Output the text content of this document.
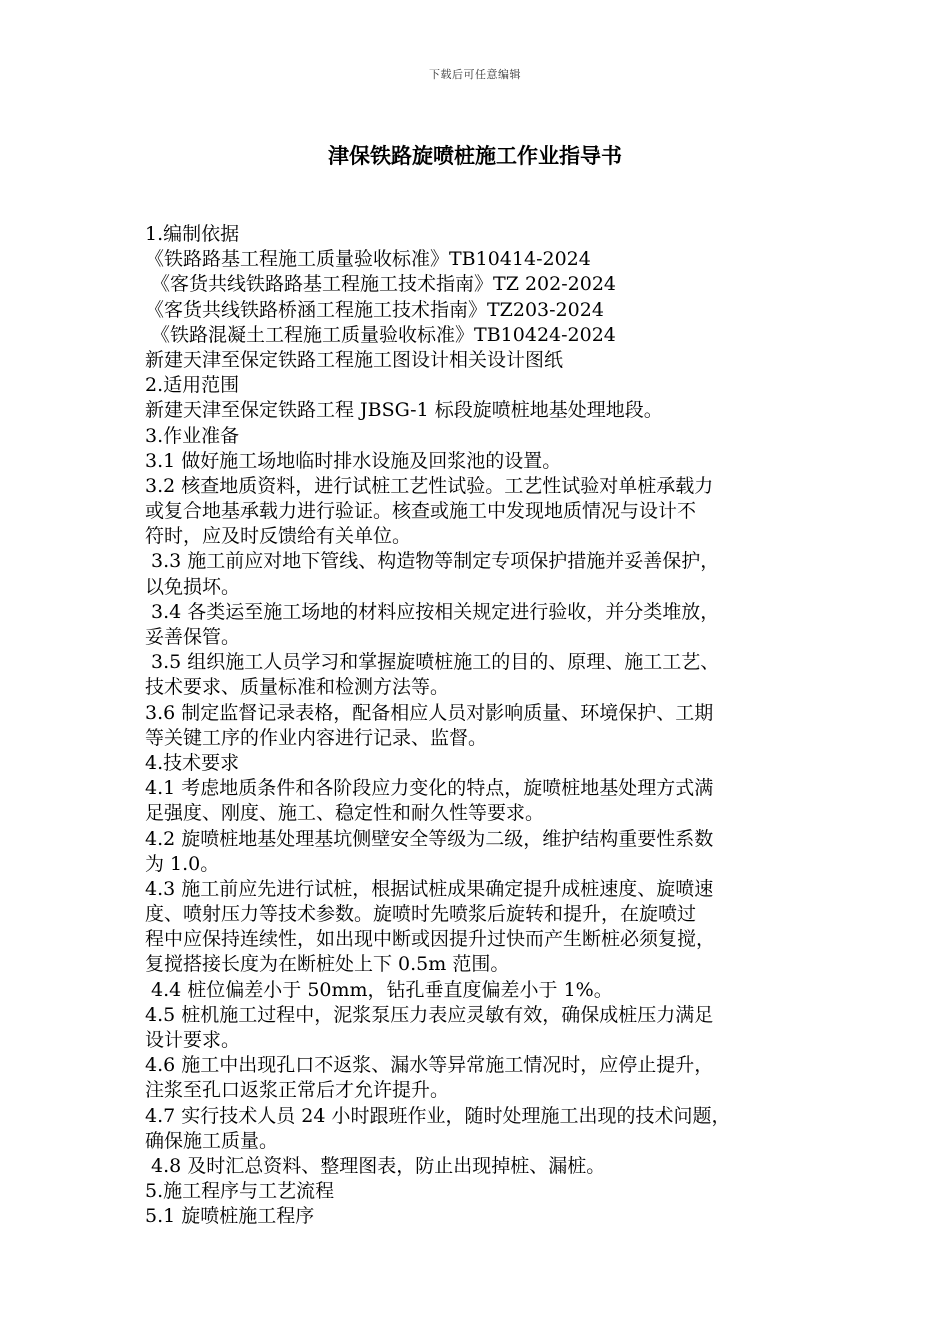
下载后可任意编辑
津保铁路旋喷桩施工作业指导书
1.编制依据
《铁路路基工程施工质量验收标准》TB10414-2024
《客货共线铁路路基工程施工技术指南》TZ 202-2024
《客货共线铁路桥涵工程施工技术指南》TZ203-2024
《铁路混凝土工程施工质量验收标准》TB10424-2024
新建天津至保定铁路工程施工图设计相关设计图纸
2.适用范围
新建天津至保定铁路工程 JBSG-1 标段旋喷桩地基处理地段。
3.作业准备
3.1 做好施工场地临时排水设施及回浆池的设置。
3.2 核查地质资料，进行试桩工艺性试验。工艺性试验对单桩承载力
或复合地基承载力进行验证。核查或施工中发现地质情况与设计不
符时，应及时反馈给有关单位。
3.3 施工前应对地下管线、构造物等制定专项保护措施并妥善保护，
以免损坏。
3.4 各类运至施工场地的材料应按相关规定进行验收，并分类堆放，
妥善保管。
3.5 组织施工人员学习和掌握旋喷桩施工的目的、原理、施工工艺、
技术要求、质量标准和检测方法等。
3.6 制定监督记录表格，配备相应人员对影响质量、环境保护、工期
等关键工序的作业内容进行记录、监督。
4.技术要求
4.1 考虑地质条件和各阶段应力变化的特点，旋喷桩地基处理方式满
足强度、刚度、施工、稳定性和耐久性等要求。
4.2 旋喷桩地基处理基坑侧壁安全等级为二级，维护结构重要性系数
为 1.0。
4.3 施工前应先进行试桩，根据试桩成果确定提升成桩速度、旋喷速
度、喷射压力等技术参数。旋喷时先喷浆后旋转和提升，在旋喷过
程中应保持连续性，如出现中断或因提升过快而产生断桩必须复搅，
复搅搭接长度为在断桩处上下 0.5m 范围。
4.4 桩位偏差小于 50mm，钻孔垂直度偏差小于 1%。
4.5 桩机施工过程中，泥浆泵压力表应灵敏有效，确保成桩压力满足
设计要求。
4.6 施工中出现孔口不返浆、漏水等异常施工情况时，应停止提升，
注浆至孔口返浆正常后才允许提升。
4.7 实行技术人员 24 小时跟班作业，随时处理施工出现的技术问题，
确保施工质量。
4.8 及时汇总资料、整理图表，防止出现掉桩、漏桩。
5.施工程序与工艺流程
5.1 旋喷桩施工程序
